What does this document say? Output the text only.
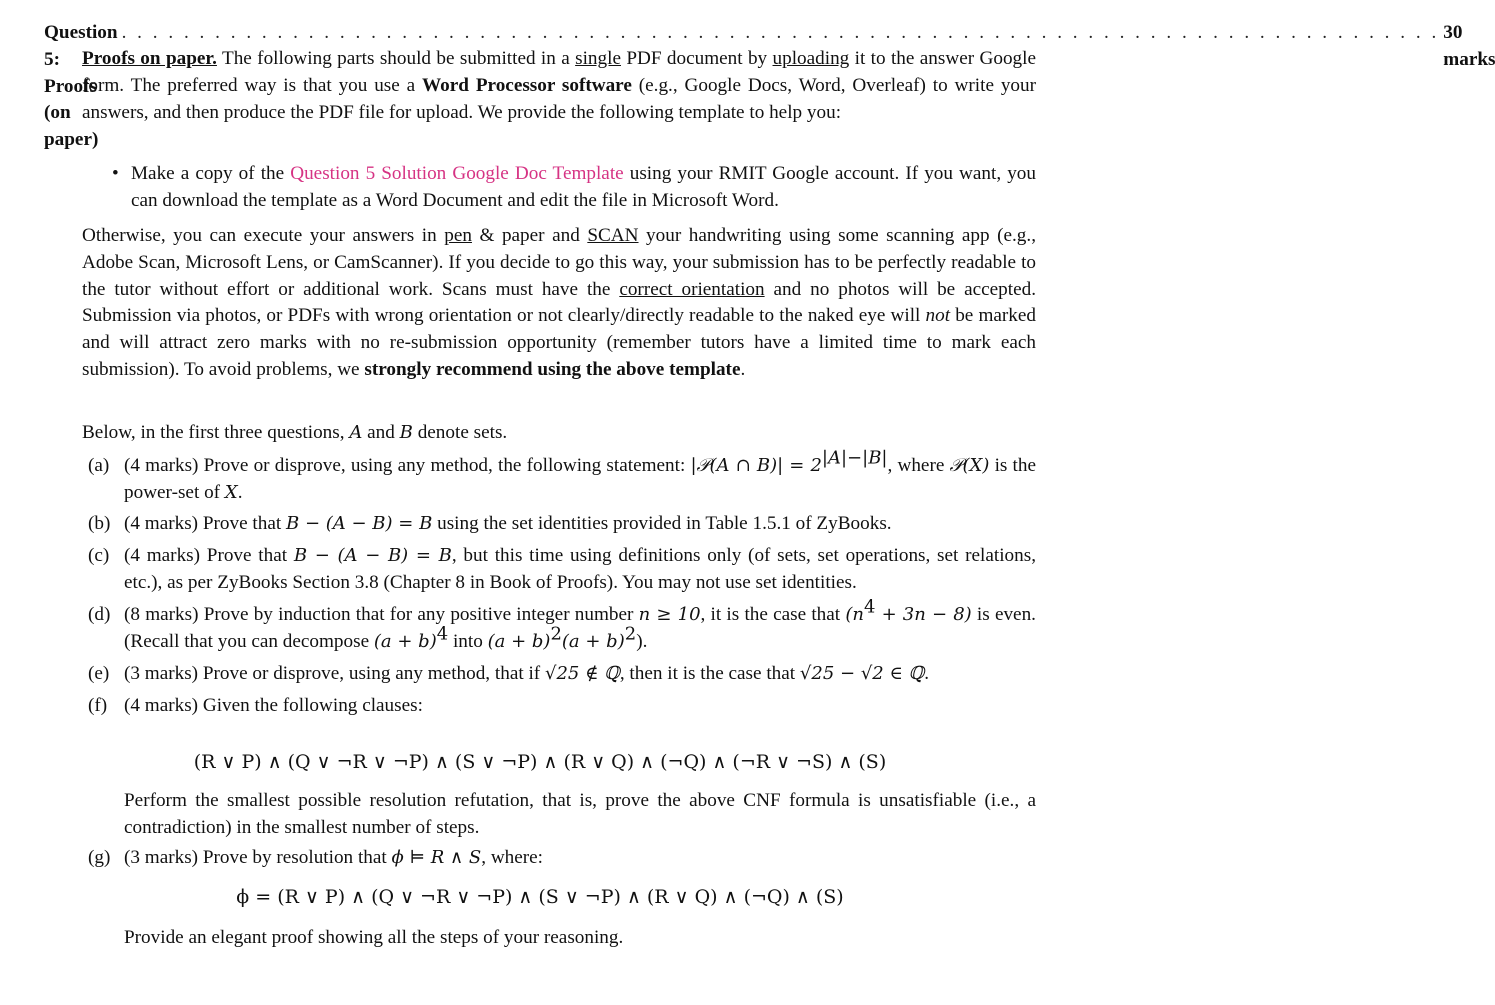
Question 5: Proofs (on paper)
. . . . . . . . . . . . . . . . . . . . . . . . . . . . . . . . . . . . . . . . . . . . . . . . . . . . . . . . . . . . . . . . . . . . . . . . . . . . . . . . . . . . . 30 marks
Proofs on paper. The following parts should be submitted in a single PDF document by uploading it to the answer Google form. The preferred way is that you use a Word Processor software (e.g., Google Docs, Word, Overleaf) to write your answers, and then produce the PDF file for upload. We provide the following template to help you:
• Make a copy of the Question 5 Solution Google Doc Template using your RMIT Google account. If you want, you can download the template as a Word Document and edit the file in Microsoft Word.
Otherwise, you can execute your answers in pen & paper and SCAN your handwriting using some scanning app (e.g., Adobe Scan, Microsoft Lens, or CamScanner). If you decide to go this way, your submission has to be perfectly readable to the tutor without effort or additional work. Scans must have the correct orientation and no photos will be accepted. Submission via photos, or PDFs with wrong orientation or not clearly/directly readable to the naked eye will not be marked and will attract zero marks with no re-submission opportunity (remember tutors have a limited time to mark each submission). To avoid problems, we strongly recommend using the above template.
Below, in the first three questions, A and B denote sets.
(a) (4 marks) Prove or disprove, using any method, the following statement: |𝒫(A ∩ $B)| = 2^{|A|-|B|}$, where 𝒫(X) is the power-set of X.
(b) (4 marks) Prove that B − (A − B) = B using the set identities provided in Table 1.5.1 of ZyBooks.
(c) (4 marks) Prove that B − (A − B) = B, but this time using definitions only (of sets, set operations, set relations, etc.), as per ZyBooks Section 3.8 (Chapter 8 in Book of Proofs). You may not use set identities.
(d) (8 marks) Prove by induction that for any positive integer number n ≥ 10, it is the case that $(n^4 + 3n - 8)$ is even. (Recall that you can decompose $(a + b)^4$ into $(a + b)^2(a + b)^2$).
(e) (3 marks) Prove or disprove, using any method, that if √25 ∉ ℚ, then it is the case that √25 − √2 ∈ ℚ.
(f) (4 marks) Given the following clauses:
(R ∨ P) ∧ (Q ∨ ¬R ∨ ¬P) ∧ (S ∨ ¬P) ∧ (R ∨ Q) ∧ (¬Q) ∧ (¬R ∨ ¬S) ∧ (S)
Perform the smallest possible resolution refutation, that is, prove the above CNF formula is unsatisfiable (i.e., a contradiction) in the smallest number of steps.
(g) (3 marks) Prove by resolution that ϕ ⊨ R ∧ S, where:
ϕ = (R ∨ P) ∧ (Q ∨ ¬R ∨ ¬P) ∧ (S ∨ ¬P) ∧ (R ∨ Q) ∧ (¬Q) ∧ (S)
Provide an elegant proof showing all the steps of your reasoning.
